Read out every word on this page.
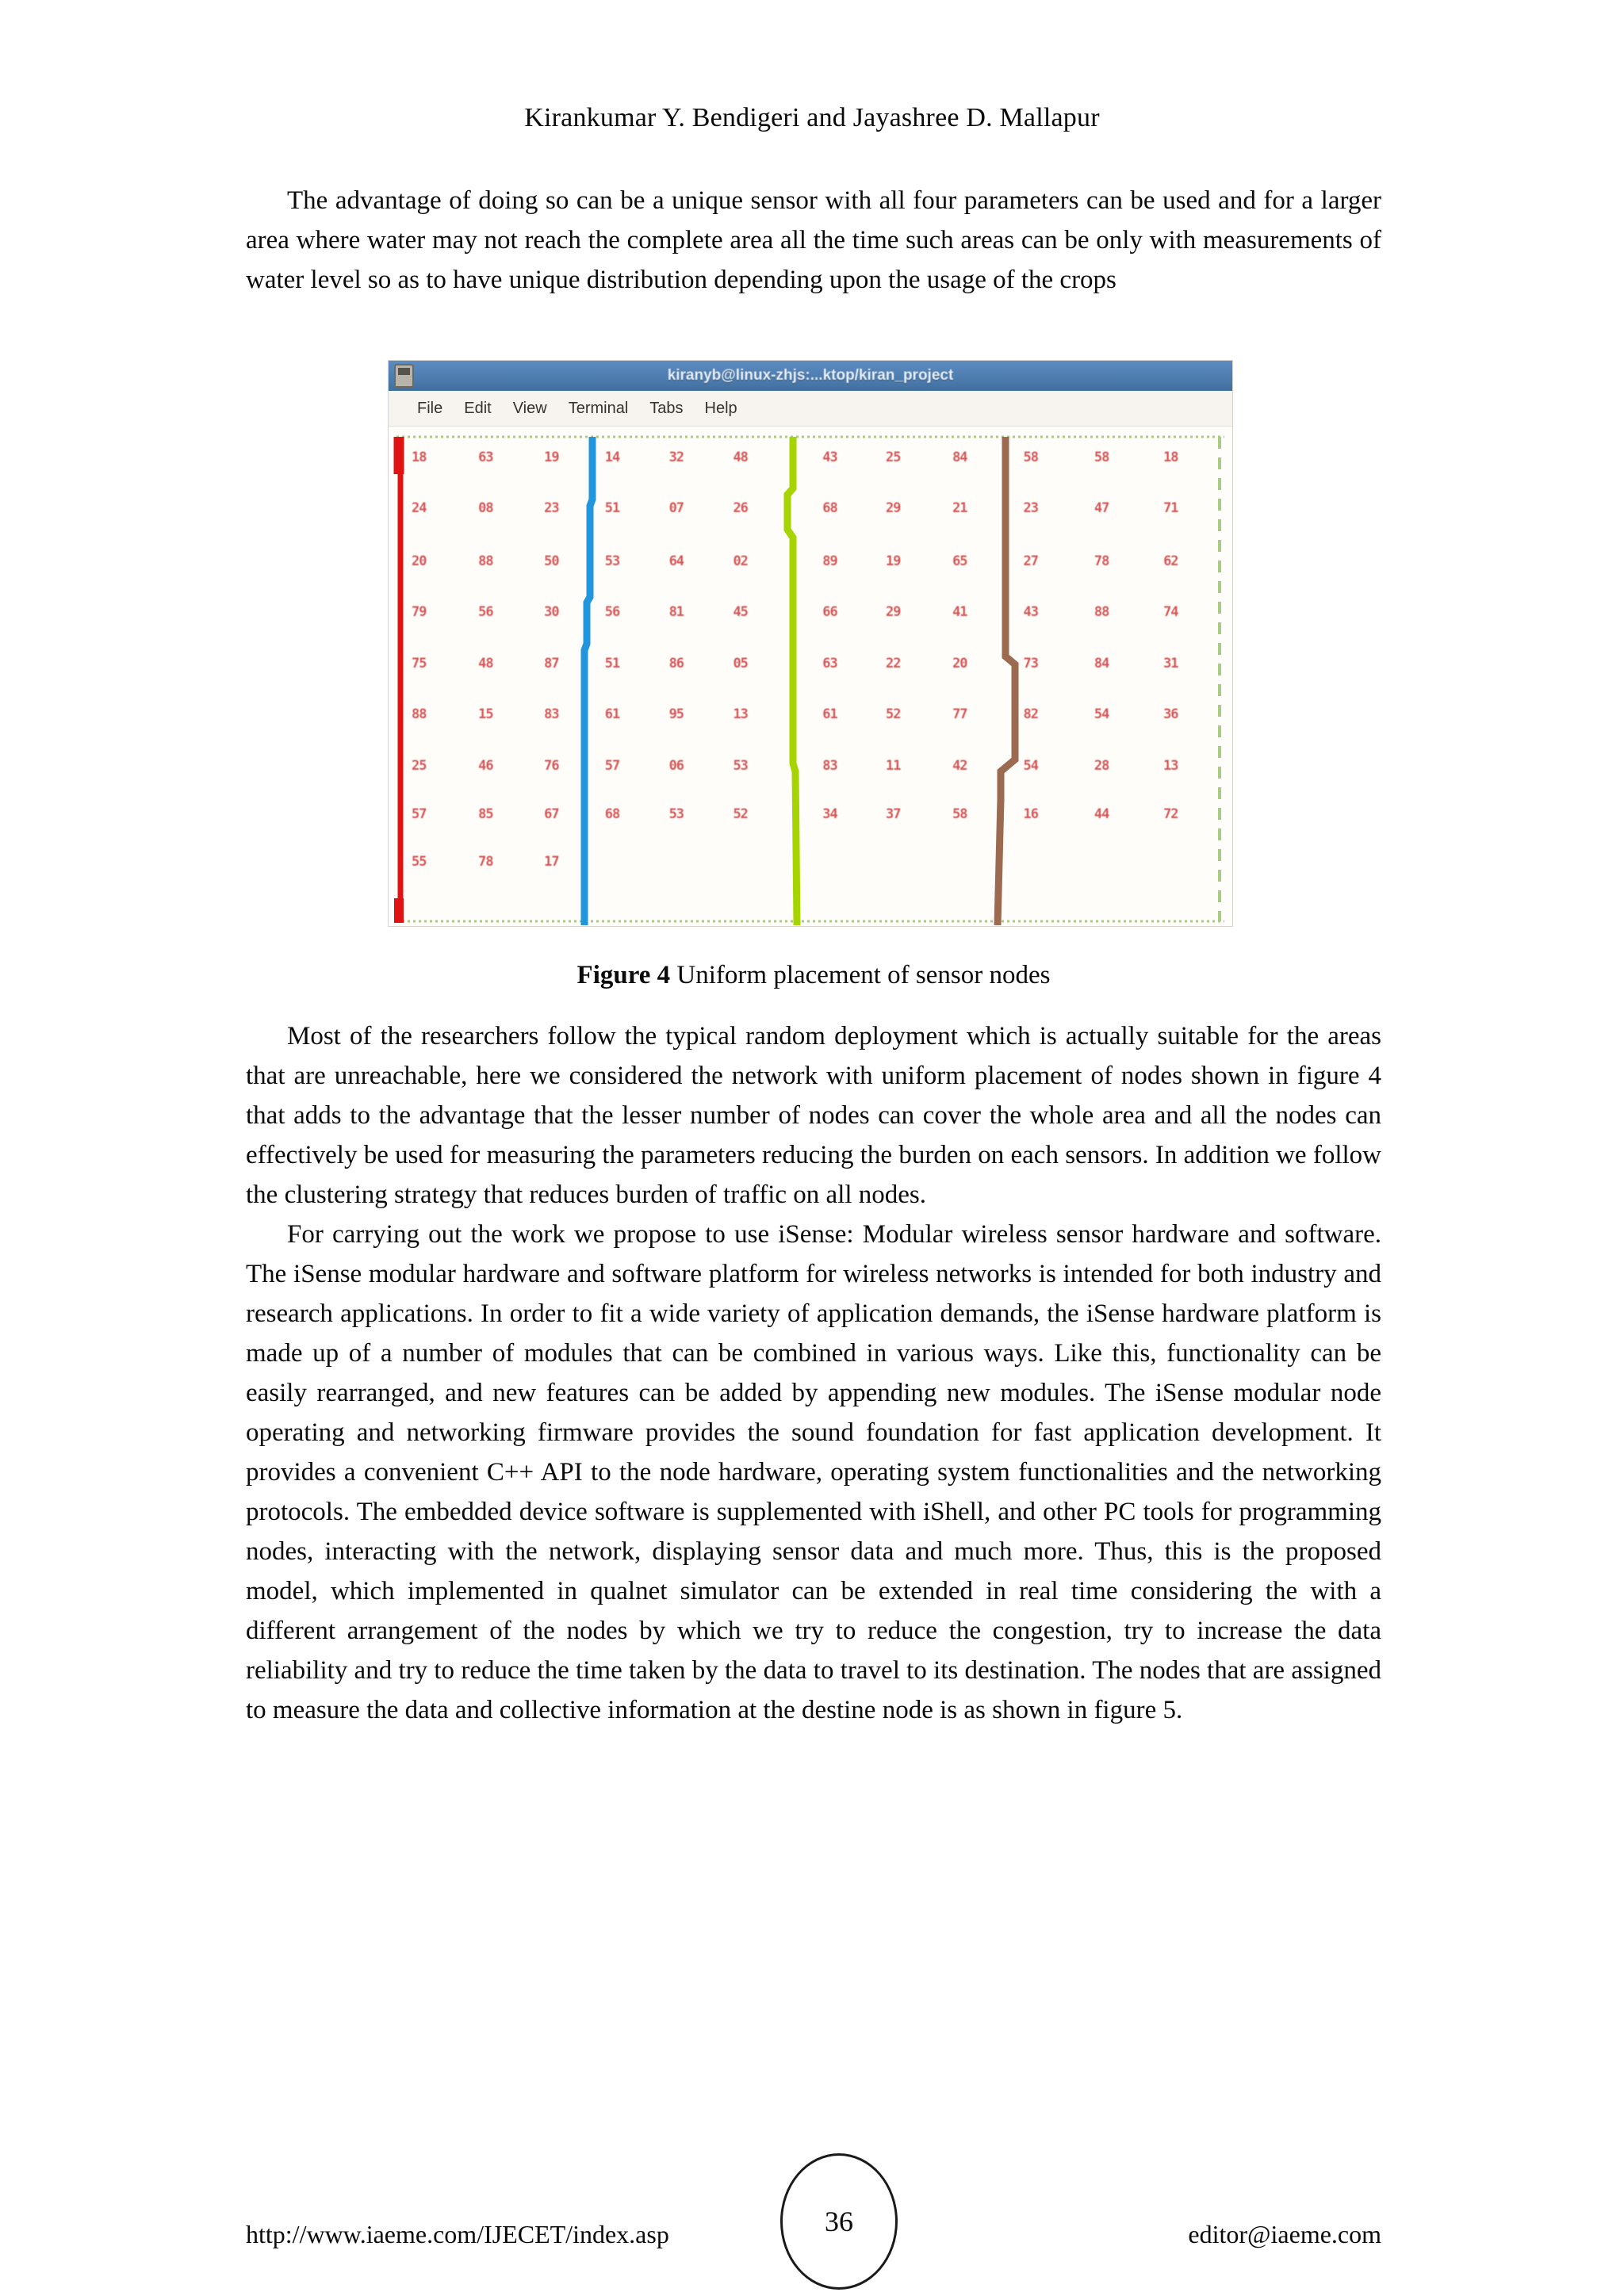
Kirankumar Y. Bendigeri and Jayashree D. Mallapur

The advantage of doing so can be a unique sensor with all four parameters can be used and for a larger area where water may not reach the complete area all the time such areas can be only with measurements of water level so as to have unique distribution depending upon the usage of the crops

kiranyb@linux-zhjs:...ktop/kiran_project
File Edit View Terminal Tabs Help
18	63	19	14	32	48	43	25	84	58	58	18
24	08	23	51	07	26	68	29	21	23	47	71
20	88	50	53	64	02	89	19	65	27	78	62
79	56	30	56	81	45	66	29	41	43	88	74
75	48	87	51	86	05	63	22	20	73	84	31
88	15	83	61	95	13	61	52	77	82	54	36
25	46	76	57	06	53	83	11	42	54	28	13
57	85	67	68	53	52	34	37	58	16	44	72
55	78	17
Figure 4 Uniform placement of sensor nodes

Most of the researchers follow the typical random deployment which is actually suitable for the areas that are unreachable, here we considered the network with uniform placement of nodes shown in figure 4 that adds to the advantage that the lesser number of nodes can cover the whole area and all the nodes can effectively be used for measuring the parameters reducing the burden on each sensors. In addition we follow the clustering strategy that reduces burden of traffic on all nodes.

For carrying out the work we propose to use iSense: Modular wireless sensor hardware and software. The iSense modular hardware and software platform for wireless networks is intended for both industry and research applications. In order to fit a wide variety of application demands, the iSense hardware platform is made up of a number of modules that can be combined in various ways. Like this, functionality can be easily rearranged, and new features can be added by appending new modules. The iSense modular node operating and networking firmware provides the sound foundation for fast application development. It provides a convenient C++ API to the node hardware, operating system functionalities and the networking protocols. The embedded device software is supplemented with iShell, and other PC tools for programming nodes, interacting with the network, displaying sensor data and much more. Thus, this is the proposed model, which implemented in qualnet simulator can be extended in real time considering the with a different arrangement of the nodes by which we try to reduce the congestion, try to increase the data reliability and try to reduce the time taken by the data to travel to its destination. The nodes that are assigned to measure the data and collective information at the destine node is as shown in figure 5.

http://www.iaeme.com/IJECET/index.asp	36	editor@iaeme.com
